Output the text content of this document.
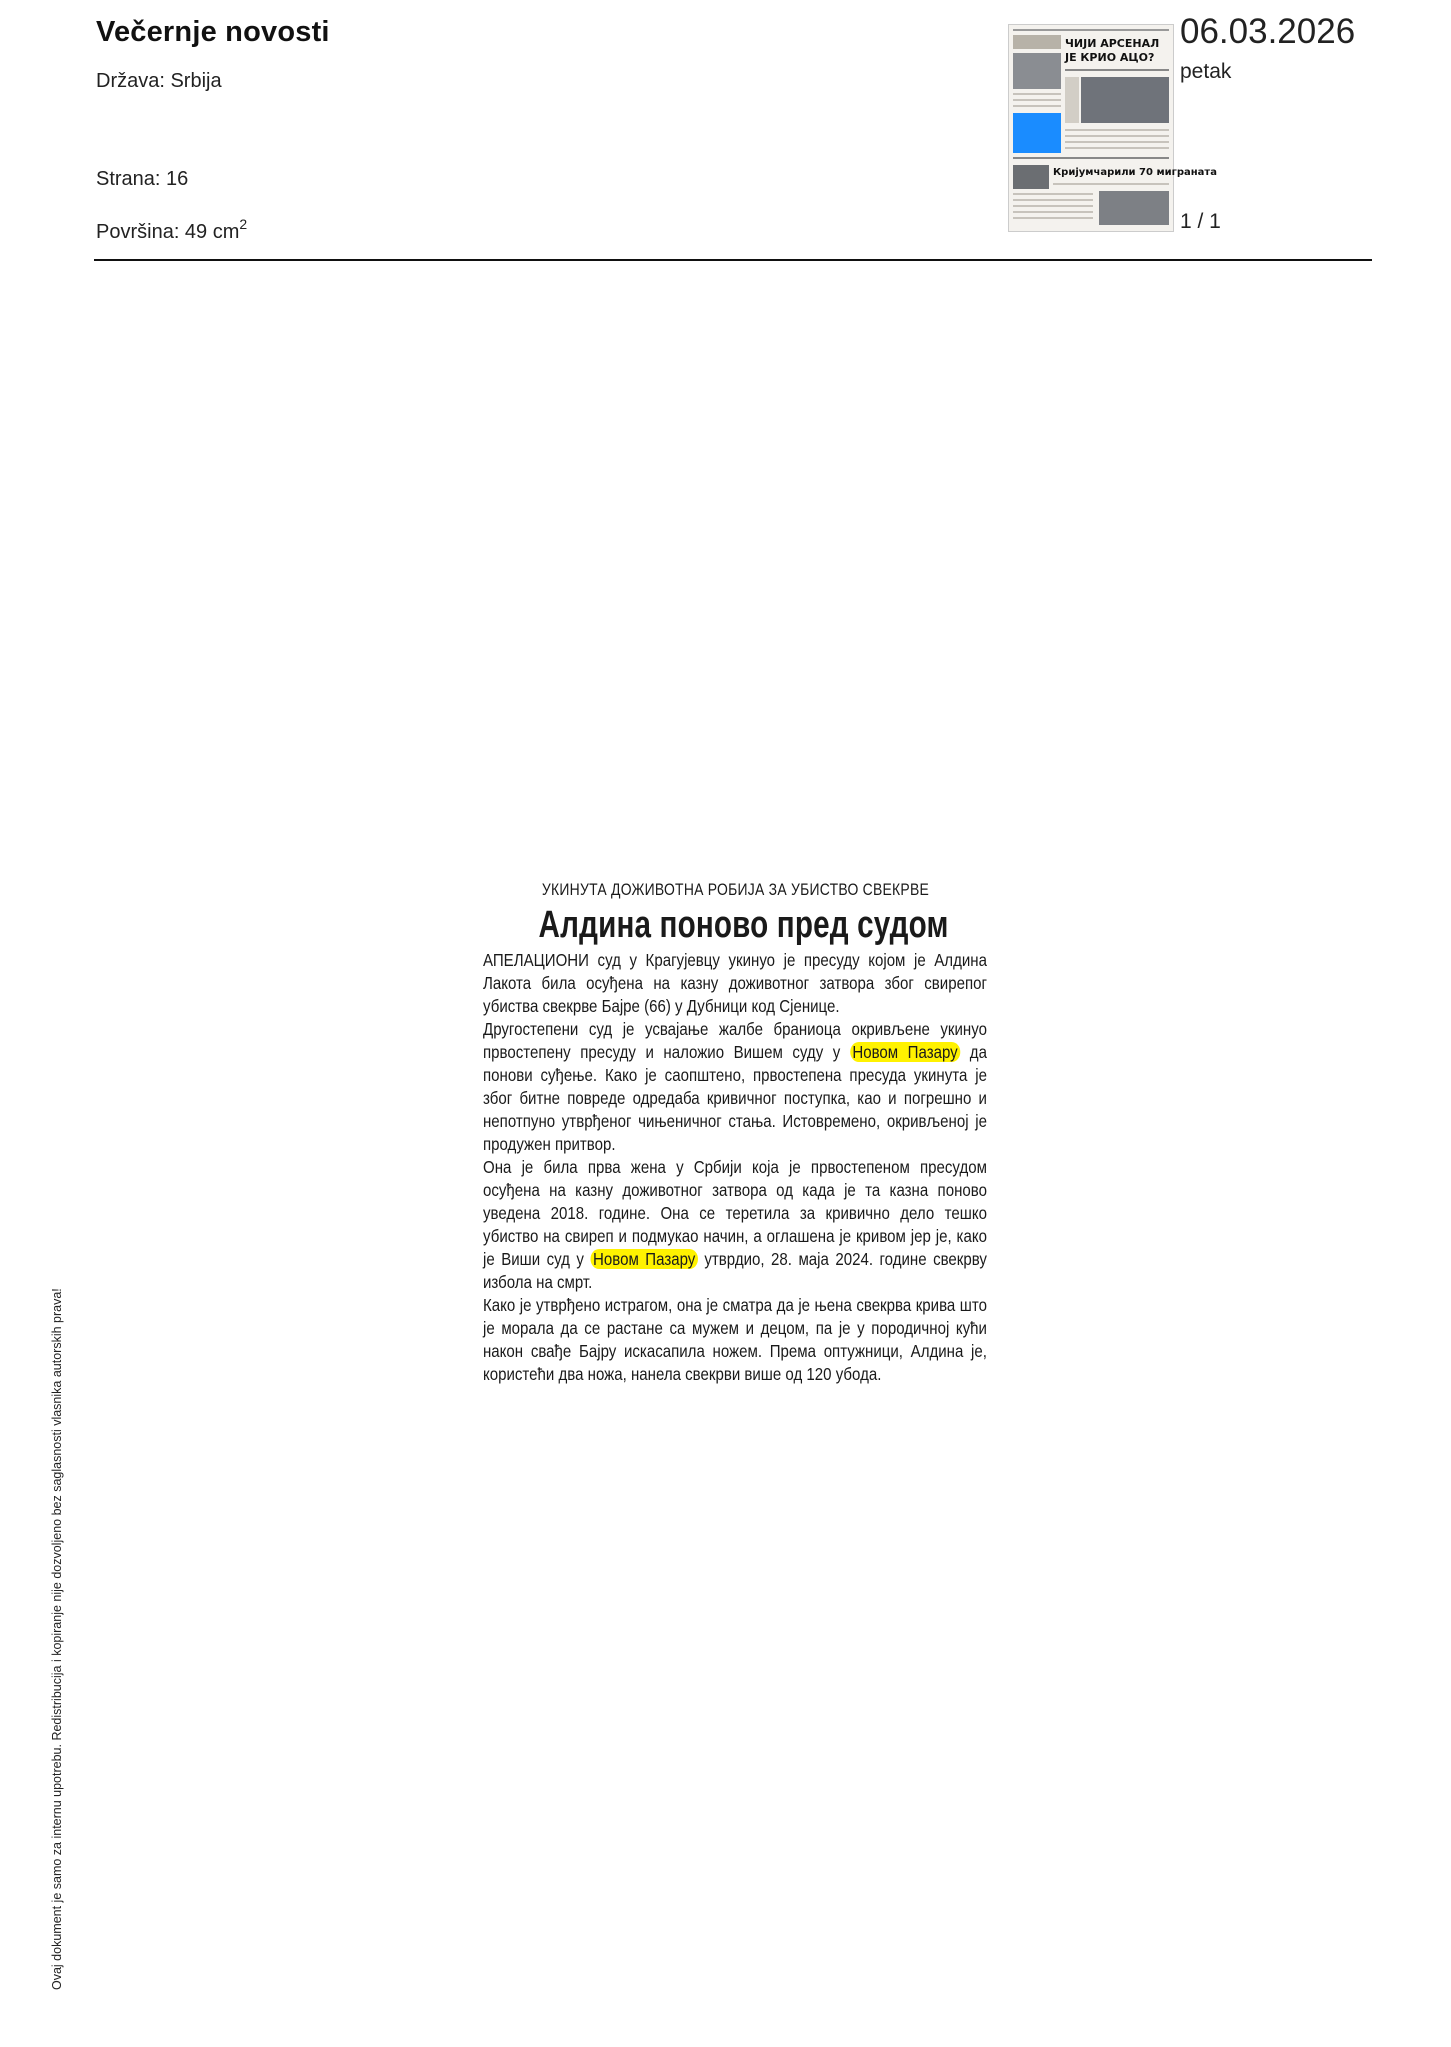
Večernje novosti
Država: Srbija
Strana: 16
Površina: 49 $cm^2$
ЧИЈИ АРСЕНАЛ
ЈЕ КРИО АЦО?
Кријумчарили 70 миграната
06.03.2026
petak
1 / 1

УКИНУТА ДОЖИВОТНА РОБИЈА ЗА УБИСТВО СВЕКРВЕ

Алдина поново пред судом

АПЕЛАЦИОНИ суд у Крагујевцу укинуо је пресуду којом је Алдина Лакота била осуђена на казну доживотног затвора због свирепог убиства свекрве Бајре (66) у Дубници код Сјенице.

Другостепени суд је усвајање жалбе браниоца окривљене укинуо првостепену пресуду и наложио Вишем суду у Новом Пазару да понови суђење. Како је саопштено, првостепена пресуда укинута је због битне повреде одредаба кривичног поступка, као и погрешно и непотпуно утврђеног чињеничног стања. Истовремено, окривљеној је продужен притвор.

Она је била прва жена у Србији која је првостепеном пресудом осуђена на казну доживотног затвора од када је та казна поново уведена 2018. године. Она се теретила за кривично дело тешко убиство на свиреп и подмукао начин, а оглашена је кривом јер је, како је Виши суд у Новом Пазару утврдио, 28. маја 2024. године свекрву избола на смрт.

Како је утврђено истрагом, она је сматра да је њена свекрва крива што је морала да се растане са мужем и децом, па је у породичној кући након свађе Бајру искасапила ножем. Према оптужници, Алдина је, користећи два ножа, нанела свекрви више од 120 убода.

Ovaj dokument je samo za internu upotrebu. Redistribucija i kopiranje nije dozvoljeno bez saglasnosti vlasnika autorskih prava!
